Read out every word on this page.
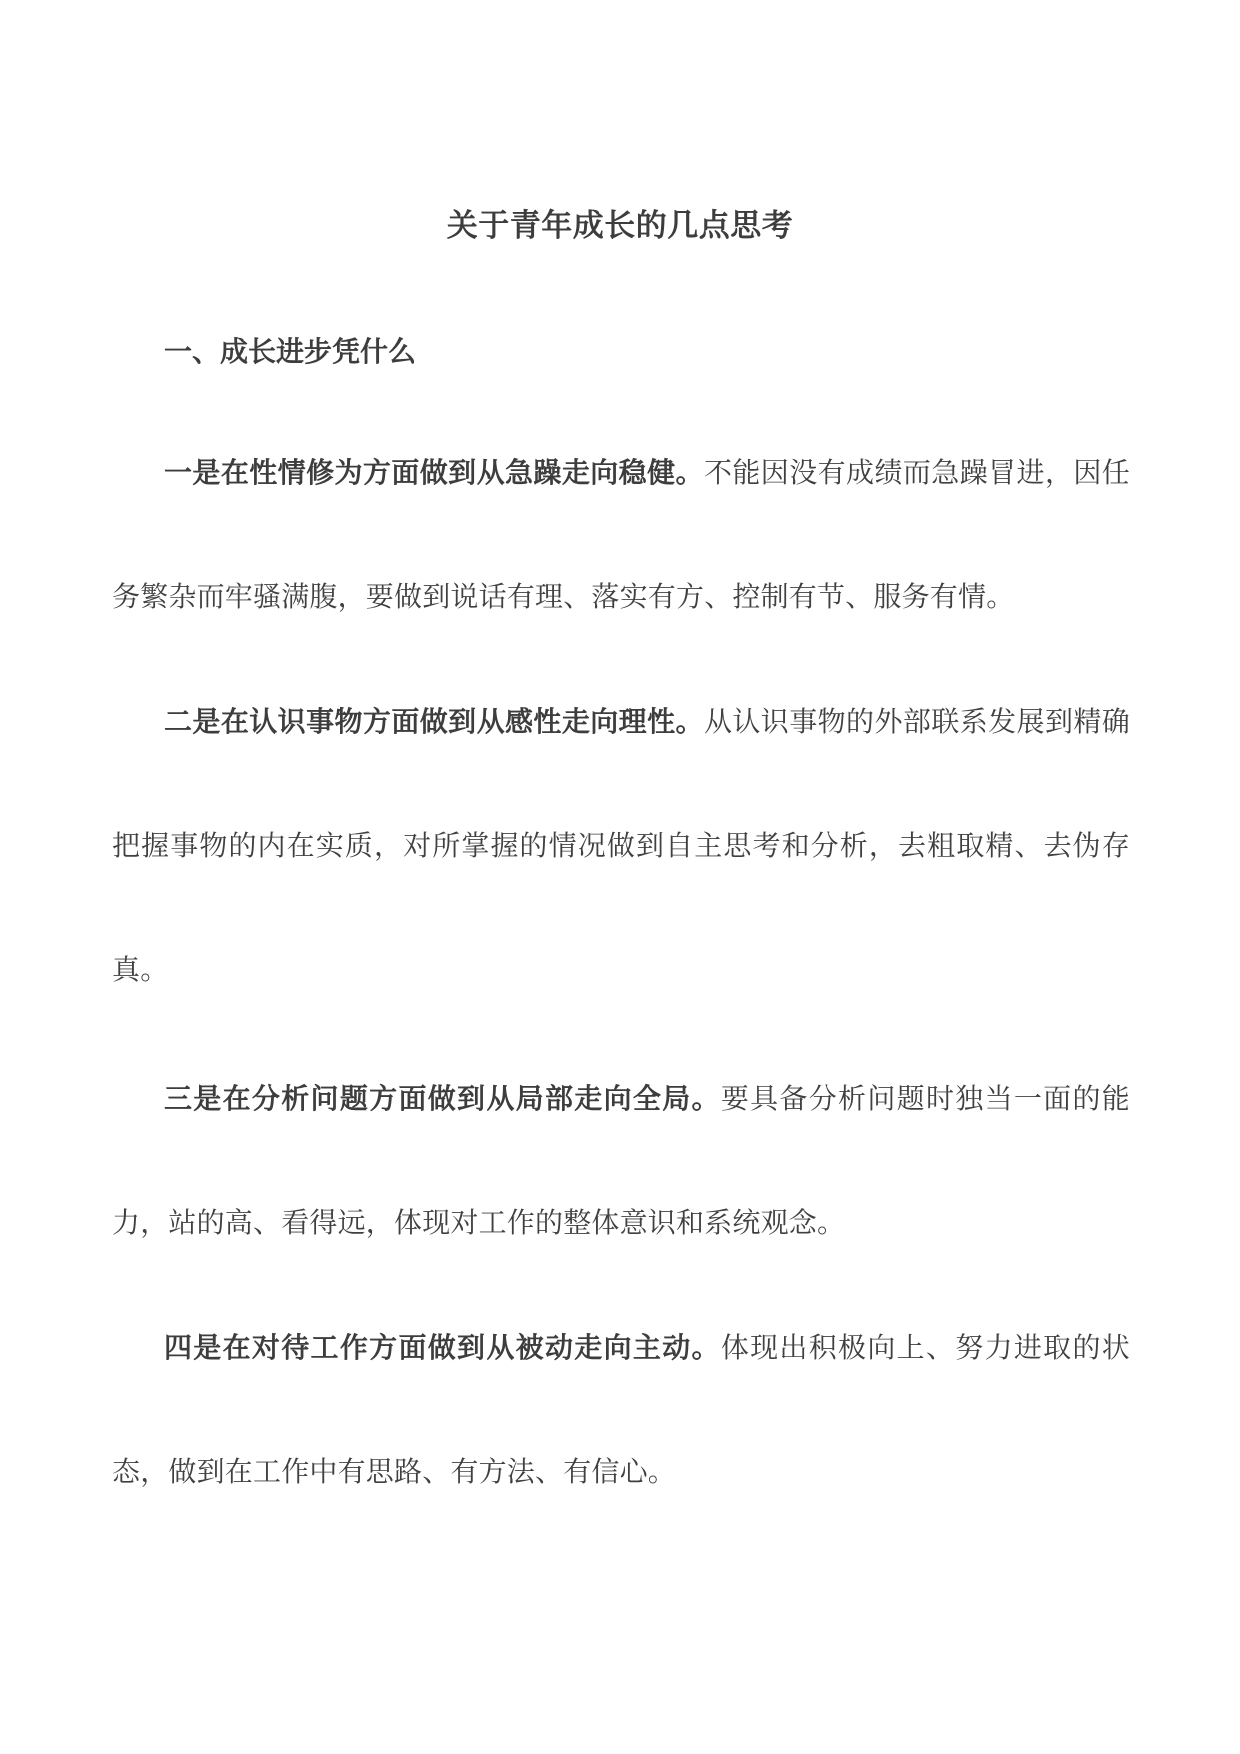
关于青年成长的几点思考
一、成长进步凭什么

一是在性情修为方面做到从急躁走向稳健。不能因没有成绩而急躁冒进，因任务繁杂而牢骚满腹，要做到说话有理、落实有方、控制有节、服务有情。

二是在认识事物方面做到从感性走向理性。从认识事物的外部联系发展到精确把握事物的内在实质，对所掌握的情况做到自主思考和分析，去粗取精、去伪存真。

三是在分析问题方面做到从局部走向全局。要具备分析问题时独当一面的能力，站的高、看得远，体现对工作的整体意识和系统观念。

四是在对待工作方面做到从被动走向主动。体现出积极向上、努力进取的状态，做到在工作中有思路、有方法、有信心。
